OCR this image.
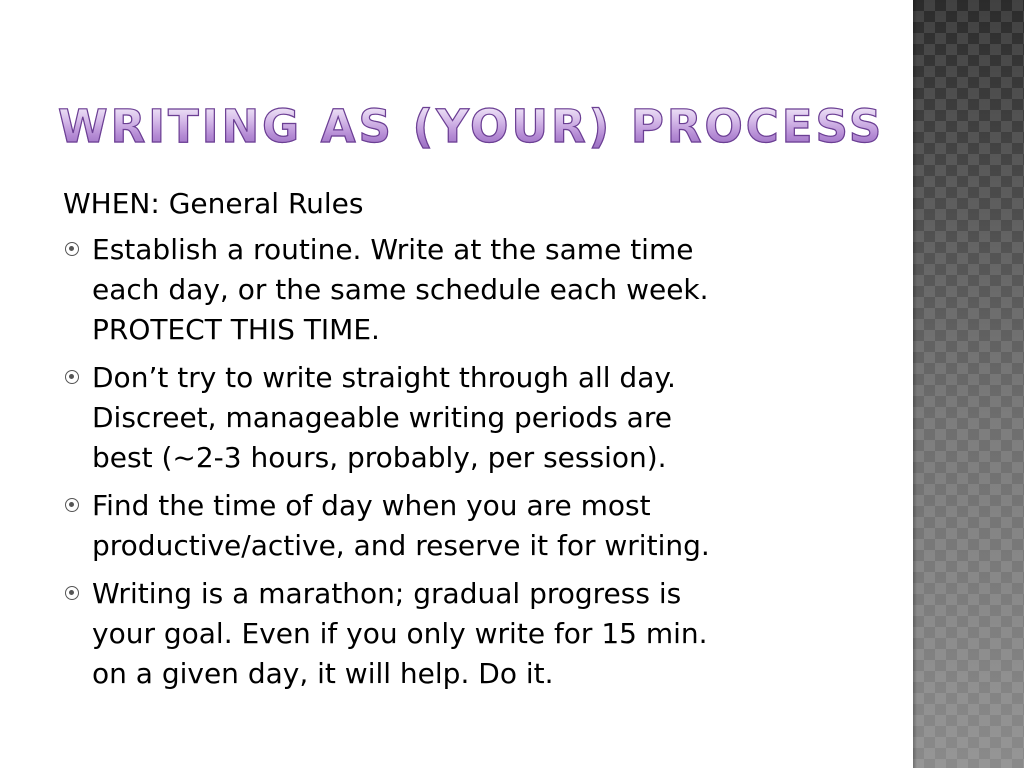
WRITING AS (YOUR) PROCESS
WHEN: General Rules
Establish a routine. Write at the same time
each day, or the same schedule each week.
PROTECT THIS TIME.
Don’t try to write straight through all day.
Discreet, manageable writing periods are
best (~2-3 hours, probably, per session).
Find the time of day when you are most
productive/active, and reserve it for writing.
Writing is a marathon; gradual progress is
your goal. Even if you only write for 15 min.
on a given day, it will help. Do it.
